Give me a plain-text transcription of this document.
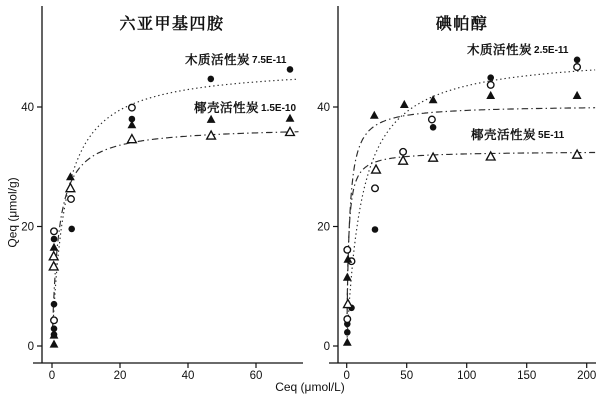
0	20	40	60
0
20
40
0	50	100	150	200
0
20
40
六亚甲基四胺	碘帕醇
木质活性炭 7.5E-11
椰壳活性炭 1.5E-10
木质活性炭 2.5E-11
椰壳活性炭 5E-11
Ceq (μmol/L)
Qeq (μmol/g)
